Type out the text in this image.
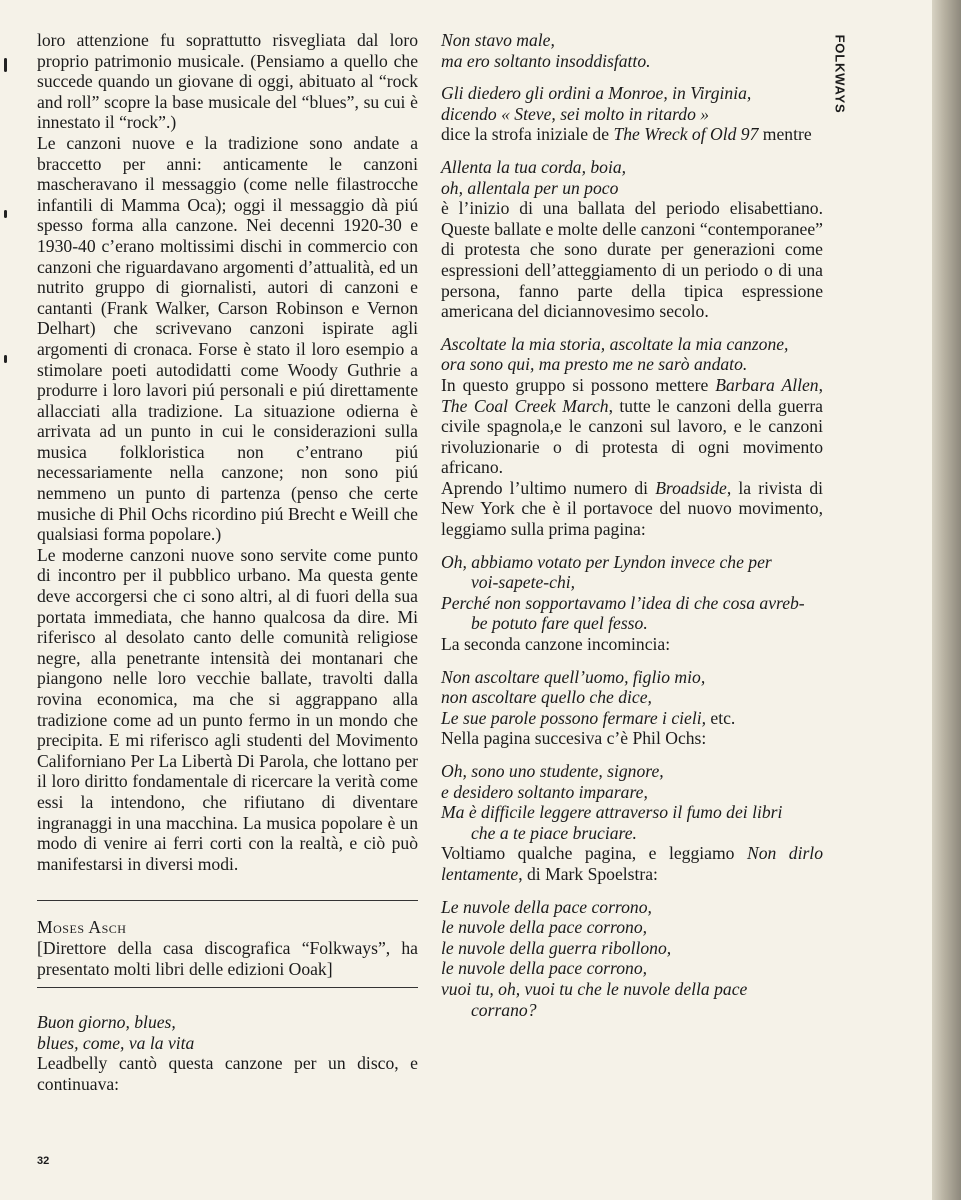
loro attenzione fu soprattutto risvegliata dal loro proprio patrimonio musicale. (Pensiamo a quello che succede quando un giovane di oggi, abituato al “rock and roll” scopre la base musicale del “blues”, su cui è innestato il “rock”.)

Le canzoni nuove e la tradizione sono andate a braccetto per anni: anticamente le canzoni mascheravano il messaggio (come nelle filastrocche infantili di Mamma Oca); oggi il messaggio dà piú spesso forma alla canzone. Nei decenni 1920-30 e 1930-40 c’erano moltissimi dischi in commercio con canzoni che riguardavano argomenti d’attualità, ed un nutrito gruppo di giornalisti, autori di canzoni e cantanti (Frank Walker, Carson Robinson e Vernon Delhart) che scrivevano canzoni ispirate agli argomenti di cronaca. Forse è stato il loro esempio a stimolare poeti autodidatti come Woody Guthrie a produrre i loro lavori piú personali e piú direttamente allacciati alla tradizione. La situazione odierna è arrivata ad un punto in cui le considerazioni sulla musica folkloristica non c’entrano piú necessariamente nella canzone; non sono piú nemmeno un punto di partenza (penso che certe musiche di Phil Ochs ricordino piú Brecht e Weill che qualsiasi forma popolare.)

Le moderne canzoni nuove sono servite come punto di incontro per il pubblico urbano. Ma questa gente deve accorgersi che ci sono altri, al di fuori della sua portata immediata, che hanno qualcosa da dire. Mi riferisco al desolato canto delle comunità religiose negre, alla penetrante intensità dei montanari che piangono nelle loro vecchie ballate, travolti dalla rovina economica, ma che si aggrappano alla tradizione come ad un punto fermo in un mondo che precipita. E mi riferisco agli studenti del Movimento Californiano Per La Libertà Di Parola, che lottano per il loro diritto fondamentale di ricercare la verità come essi la intendono, che rifiutano di diventare ingranaggi in una macchina. La musica popolare è un modo di venire ai ferri corti con la realtà, e ciò può manifestarsi in diversi modi.

Moses Asch

[Direttore della casa discografica “Folkways”, ha presentato molti libri delle edizioni Ooak]

Buon giorno, blues,
blues, come, va la vita

Leadbelly cantò questa canzone per un disco, e continuava:

Non stavo male,
ma ero soltanto insoddisfatto.
Gli diedero gli ordini a Monroe, in Virginia,
dicendo « Steve, sei molto in ritardo »

dice la strofa iniziale de The Wreck of Old 97 mentre

Allenta la tua corda, boia,
oh, allentala per un poco

è l’inizio di una ballata del periodo elisabettiano. Queste ballate e molte delle canzoni “contemporanee” di protesta che sono durate per generazioni come espressioni dell’atteggiamento di un periodo o di una persona, fanno parte della tipica espressione americana del diciannovesimo secolo.

Ascoltate la mia storia, ascoltate la mia canzone,
ora sono qui, ma presto me ne sarò andato.

In questo gruppo si possono mettere Barbara Allen, The Coal Creek March, tutte le canzoni della guerra civile spagnola,e le canzoni sul lavoro, e le canzoni rivoluzionarie o di protesta di ogni movimento africano.

Aprendo l’ultimo numero di Broadside, la rivista di New York che è il portavoce del nuovo movimento, leggiamo sulla prima pagina:

Oh, abbiamo votato per Lyndon invece che per
voi-sapete-chi,
Perché non sopportavamo l’idea di che cosa avreb-
be potuto fare quel fesso.

La seconda canzone incomincia:

Non ascoltare quell’uomo, figlio mio,
non ascoltare quello che dice,
Le sue parole possono fermare i cieli, etc.

Nella pagina succesiva c’è Phil Ochs:

Oh, sono uno studente, signore,
e desidero soltanto imparare,
Ma è difficile leggere attraverso il fumo dei libri
che a te piace bruciare.

Voltiamo qualche pagina, e leggiamo Non dirlo lentamente, di Mark Spoelstra:

Le nuvole della pace corrono,
le nuvole della pace corrono,
le nuvole della guerra ribollono,
le nuvole della pace corrono,
vuoi tu, oh, vuoi tu che le nuvole della pace
corrano?
FOLKWAYS
32
